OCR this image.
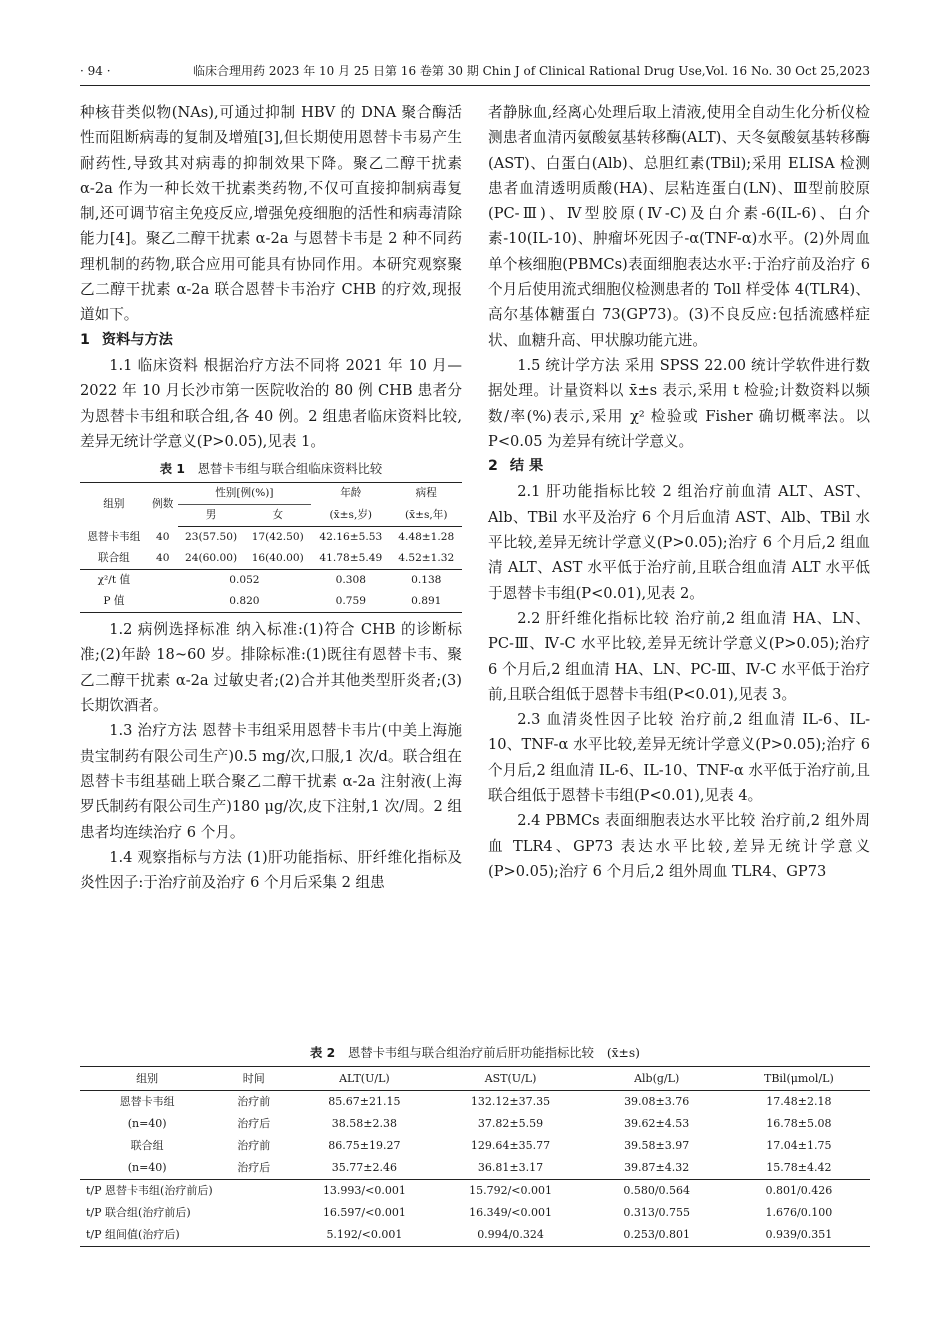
· 94 ·	临床合理用药 2023 年 10 月 25 日第 16 卷第 30 期 Chin J of Clinical Rational Drug Use,Vol. 16 No. 30 Oct 25,2023

种核苷类似物(NAs),可通过抑制 HBV 的 DNA 聚合酶活性而阻断病毒的复制及增殖[3],但长期使用恩替卡韦易产生耐药性,导致其对病毒的抑制效果下降。聚乙二醇干扰素 α-2a 作为一种长效干扰素类药物,不仅可直接抑制病毒复制,还可调节宿主免疫反应,增强免疫细胞的活性和病毒清除能力[4]。聚乙二醇干扰素 α-2a 与恩替卡韦是 2 种不同药理机制的药物,联合应用可能具有协同作用。本研究观察聚乙二醇干扰素 α-2a 联合恩替卡韦治疗 CHB 的疗效,现报道如下。

1 资料与方法

1.1 临床资料 根据治疗方法不同将 2021 年 10 月—2022 年 10 月长沙市第一医院收治的 80 例 CHB 患者分为恩替卡韦组和联合组,各 40 例。2 组患者临床资料比较,差异无统计学意义(P>0.05),见表 1。

表 1 恩替卡韦组与联合组临床资料比较
组别	例数	性别[例(%)]		年龄	病程
		男	女	(x̄±s,岁)	(x̄±s,年)
恩替卡韦组	40	23(57.50)	17(42.50)	42.16±5.53	4.48±1.28
联合组	40	24(60.00)	16(40.00)	41.78±5.49	4.52±1.32
χ²/t 值		0.052		0.308	0.138
P 值		0.820		0.759	0.891

1.2 病例选择标准 纳入标准:(1)符合 CHB 的诊断标准;(2)年龄 18~60 岁。排除标准:(1)既往有恩替卡韦、聚乙二醇干扰素 α-2a 过敏史者;(2)合并其他类型肝炎者;(3)长期饮酒者。

1.3 治疗方法 恩替卡韦组采用恩替卡韦片(中美上海施贵宝制药有限公司生产)0.5 mg/次,口服,1 次/d。联合组在恩替卡韦组基础上联合聚乙二醇干扰素 α-2a 注射液(上海罗氏制药有限公司生产)180 μg/次,皮下注射,1 次/周。2 组患者均连续治疗 6 个月。

1.4 观察指标与方法 (1)肝功能指标、肝纤维化指标及炎性因子:于治疗前及治疗 6 个月后采集 2 组患

者静脉血,经离心处理后取上清液,使用全自动生化分析仪检测患者血清丙氨酸氨基转移酶(ALT)、天冬氨酸氨基转移酶(AST)、白蛋白(Alb)、总胆红素(TBil);采用 ELISA 检测患者血清透明质酸(HA)、层粘连蛋白(LN)、Ⅲ型前胶原(PC-Ⅲ)、Ⅳ型胶原(Ⅳ-C)及白介素-6(IL-6)、白介素-10(IL-10)、肿瘤坏死因子-α(TNF-α)水平。(2)外周血单个核细胞(PBMCs)表面细胞表达水平:于治疗前及治疗 6 个月后使用流式细胞仪检测患者的 Toll 样受体 4(TLR4)、高尔基体糖蛋白 73(GP73)。(3)不良反应:包括流感样症状、血糖升高、甲状腺功能亢进。

1.5 统计学方法 采用 SPSS 22.00 统计学软件进行数据处理。计量资料以 x̄±s 表示,采用 t 检验;计数资料以频数/率(%)表示,采用 χ² 检验或 Fisher 确切概率法。以 P<0.05 为差异有统计学意义。

2 结 果

2.1 肝功能指标比较 2 组治疗前血清 ALT、AST、Alb、TBil 水平及治疗 6 个月后血清 AST、Alb、TBil 水平比较,差异无统计学意义(P>0.05);治疗 6 个月后,2 组血清 ALT、AST 水平低于治疗前,且联合组血清 ALT 水平低于恩替卡韦组(P<0.01),见表 2。

2.2 肝纤维化指标比较 治疗前,2 组血清 HA、LN、PC-Ⅲ、Ⅳ-C 水平比较,差异无统计学意义(P>0.05);治疗 6 个月后,2 组血清 HA、LN、PC-Ⅲ、Ⅳ-C 水平低于治疗前,且联合组低于恩替卡韦组(P<0.01),见表 3。

2.3 血清炎性因子比较 治疗前,2 组血清 IL-6、IL-10、TNF-α 水平比较,差异无统计学意义(P>0.05);治疗 6 个月后,2 组血清 IL-6、IL-10、TNF-α 水平低于治疗前,且联合组低于恩替卡韦组(P<0.01),见表 4。

2.4 PBMCs 表面细胞表达水平比较 治疗前,2 组外周血 TLR4、GP73 表达水平比较,差异无统计学意义(P>0.05);治疗 6 个月后,2 组外周血 TLR4、GP73

表 2 恩替卡韦组与联合组治疗前后肝功能指标比较 (x̄±s)
组别	时间	ALT(U/L)	AST(U/L)	Alb(g/L)	TBil(μmol/L)
恩替卡韦组	治疗前	85.67±21.15	132.12±37.35	39.08±3.76	17.48±2.18
(n=40)	治疗后	38.58±2.38	37.82±5.59	39.62±4.53	16.78±5.08
联合组	治疗前	86.75±19.27	129.64±35.77	39.58±3.97	17.04±1.75
(n=40)	治疗后	35.77±2.46	36.81±3.17	39.87±4.32	15.78±4.42
t/P 恩替卡韦组(治疗前后)		13.993/<0.001	15.792/<0.001	0.580/0.564	0.801/0.426
t/P 联合组(治疗前后)		16.597/<0.001	16.349/<0.001	0.313/0.755	1.676/0.100
t/P 组间值(治疗后)		5.192/<0.001	0.994/0.324	0.253/0.801	0.939/0.351
